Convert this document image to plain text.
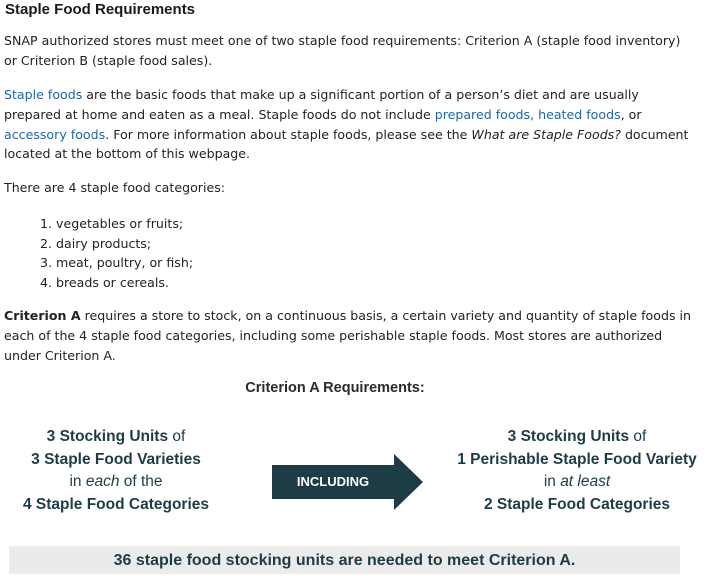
Staple Food Requirements

SNAP authorized stores must meet one of two staple food requirements: Criterion A (staple food inventory) or Criterion B (staple food sales).

Staple foods are the basic foods that make up a significant portion of a person’s diet and are usually prepared at home and eaten as a meal. Staple foods do not include prepared foods, heated foods, or accessory foods. For more information about staple foods, please see the What are Staple Foods? document located at the bottom of this webpage.

There are 4 staple food categories:

1. vegetables or fruits;
2. dairy products;
3. meat, poultry, or fish;
4. breads or cereals.

Criterion A requires a store to stock, on a continuous basis, a certain variety and quantity of staple foods in each of the 4 staple food categories, including some perishable staple foods. Most stores are authorized under Criterion A.

Criterion A Requirements:
3 Stocking Units of
3 Staple Food Varieties
in each of the
4 Staple Food Categories
INCLUDING
3 Stocking Units of
1 Perishable Staple Food Variety
in at least
2 Staple Food Categories
36 staple food stocking units are needed to meet Criterion A.
